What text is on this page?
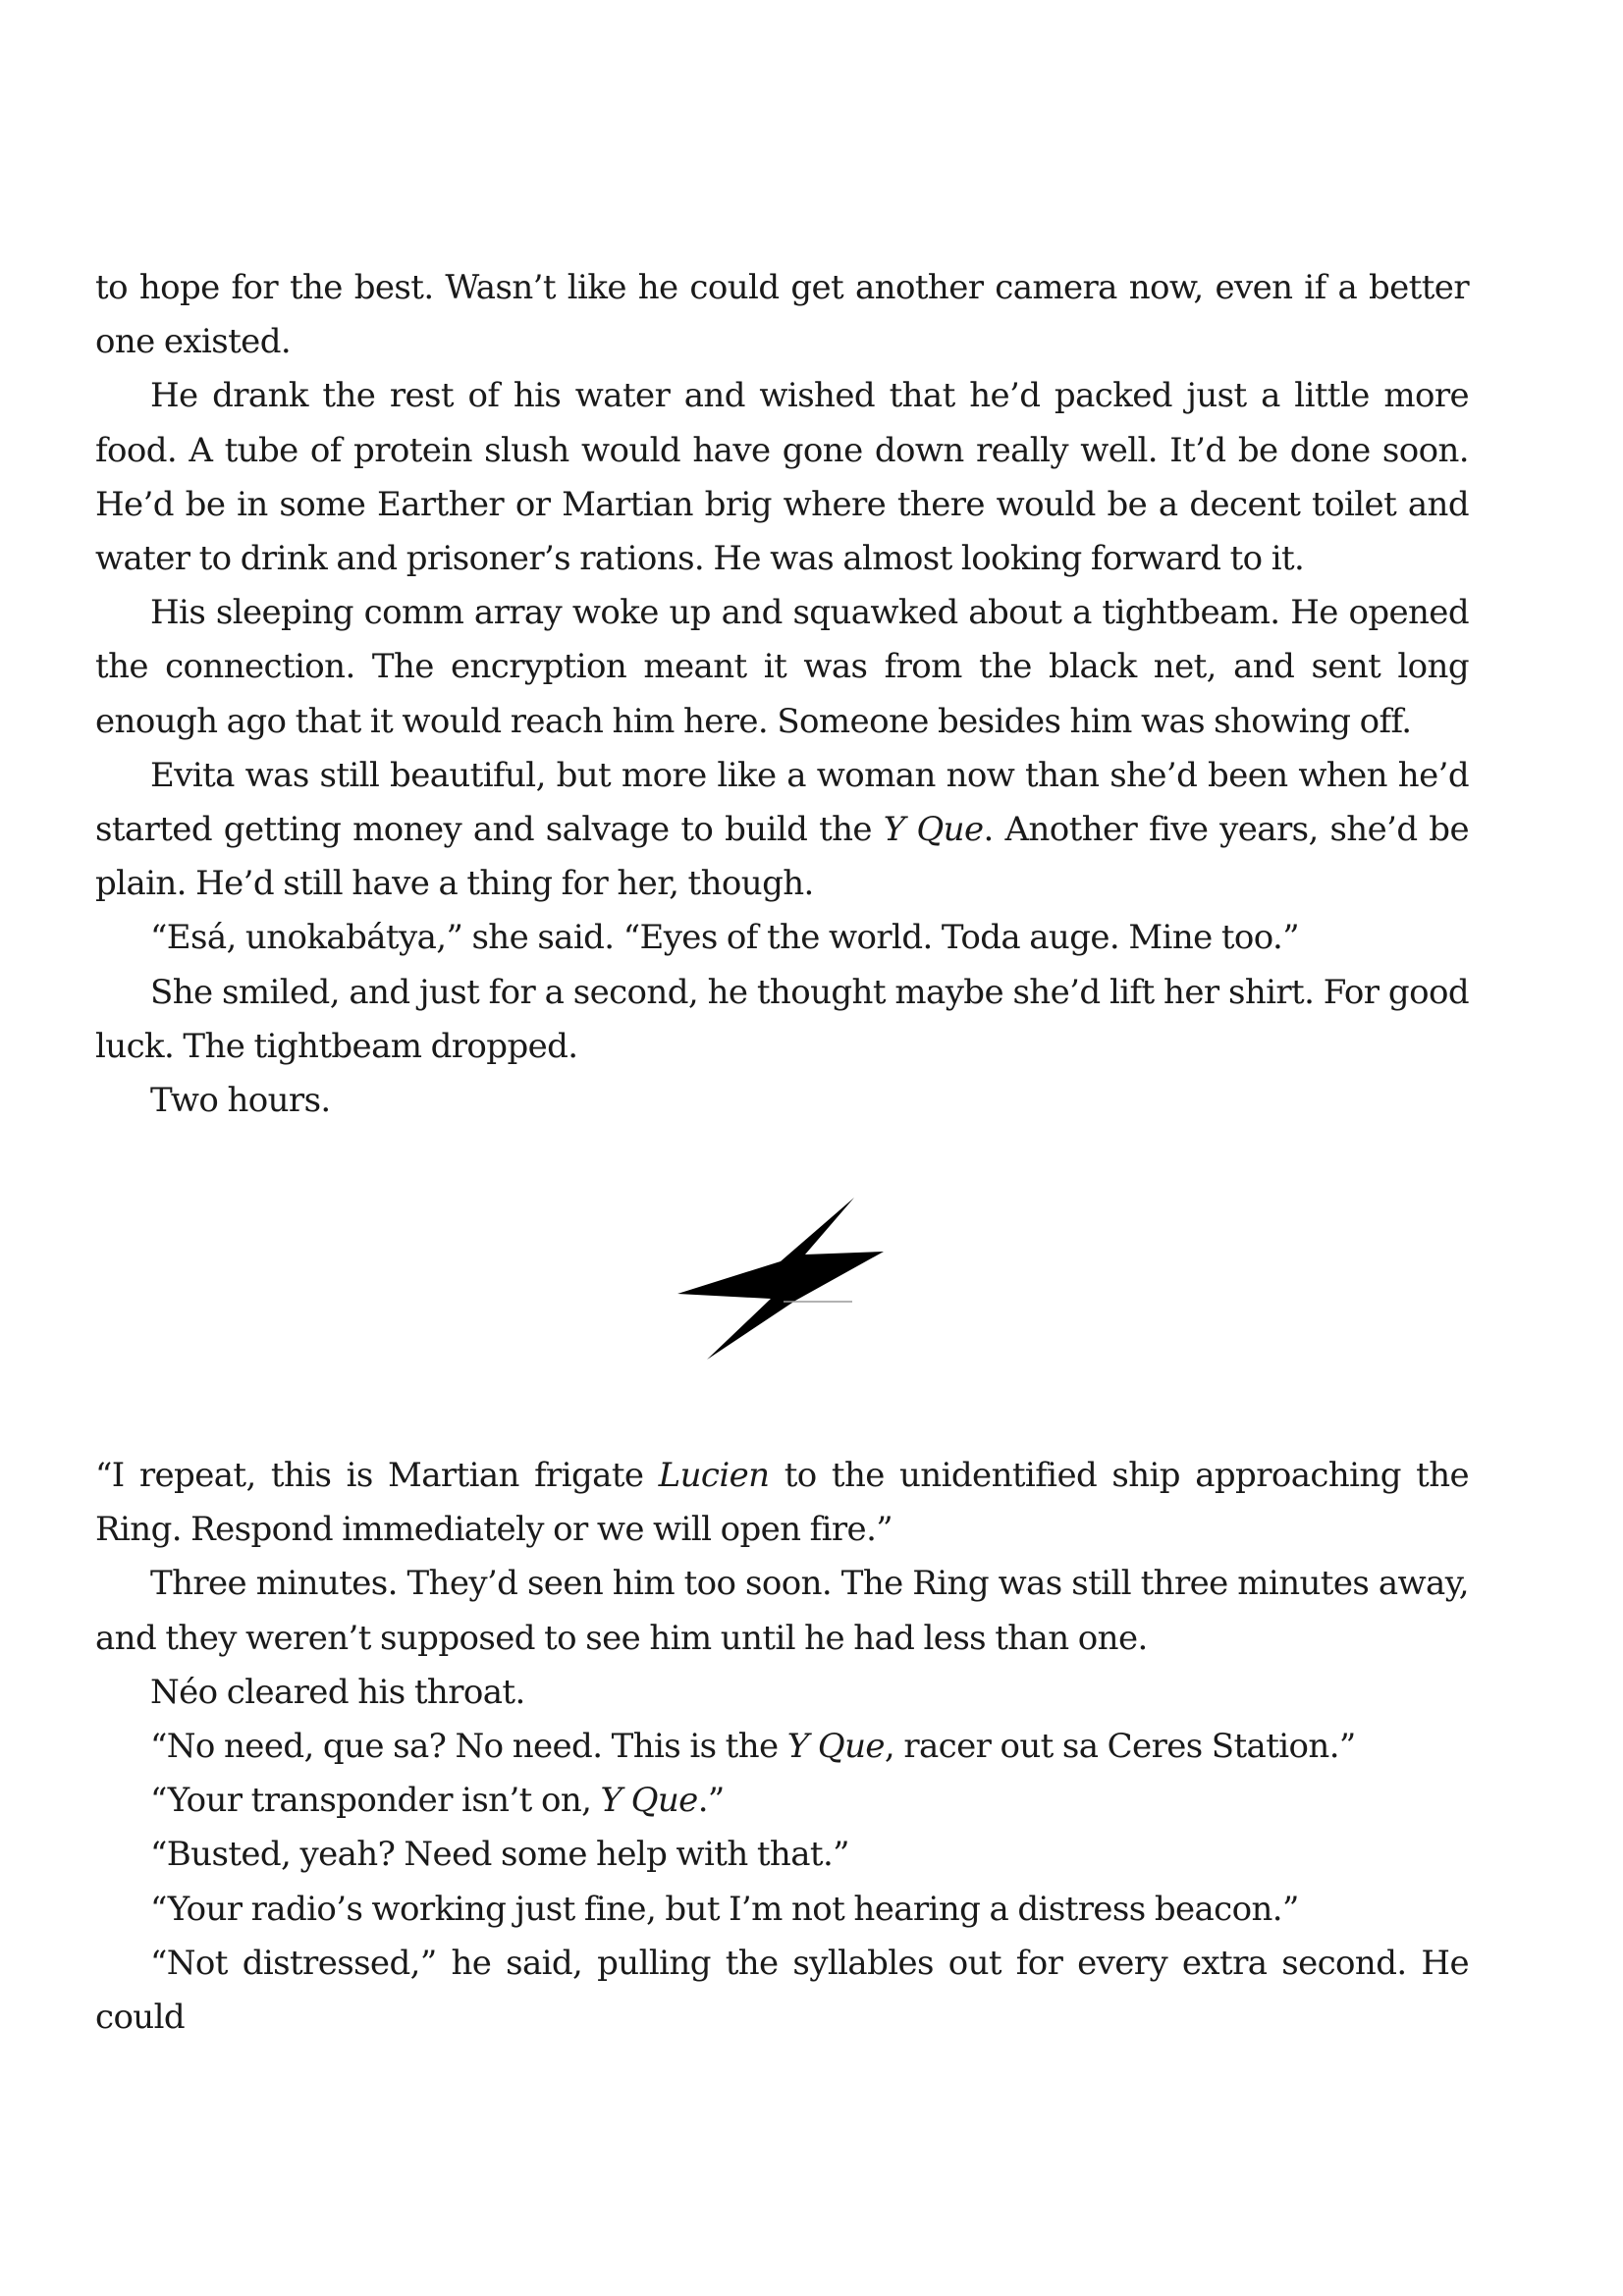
to hope for the best. Wasn’t like he could get another camera now, even if a better one existed.

He drank the rest of his water and wished that he’d packed just a little more food. A tube of protein slush would have gone down really well. It’d be done soon. He’d be in some Earther or Martian brig where there would be a decent toilet and water to drink and prisoner’s rations. He was almost looking forward to it.

His sleeping comm array woke up and squawked about a tightbeam. He opened the connection. The encryption meant it was from the black net, and sent long enough ago that it would reach him here. Someone besides him was showing off.

Evita was still beautiful, but more like a woman now than she’d been when he’d started getting money and salvage to build the Y Que. Another five years, she’d be plain. He’d still have a thing for her, though.

“Esá, unokabátya,” she said. “Eyes of the world. Toda auge. Mine too.”

She smiled, and just for a second, he thought maybe she’d lift her shirt. For good luck. The tightbeam dropped.

Two hours.

“I repeat, this is Martian frigate Lucien to the unidentified ship approaching the Ring. Respond immediately or we will open fire.”

Three minutes. They’d seen him too soon. The Ring was still three minutes away, and they weren’t supposed to see him until he had less than one.

Néo cleared his throat.

“No need, que sa? No need. This is the Y Que, racer out sa Ceres Station.”

“Your transponder isn’t on, Y Que.”

“Busted, yeah? Need some help with that.”

“Your radio’s working just fine, but I’m not hearing a distress beacon.”

“Not distressed,” he said, pulling the syllables out for every extra second. He could
